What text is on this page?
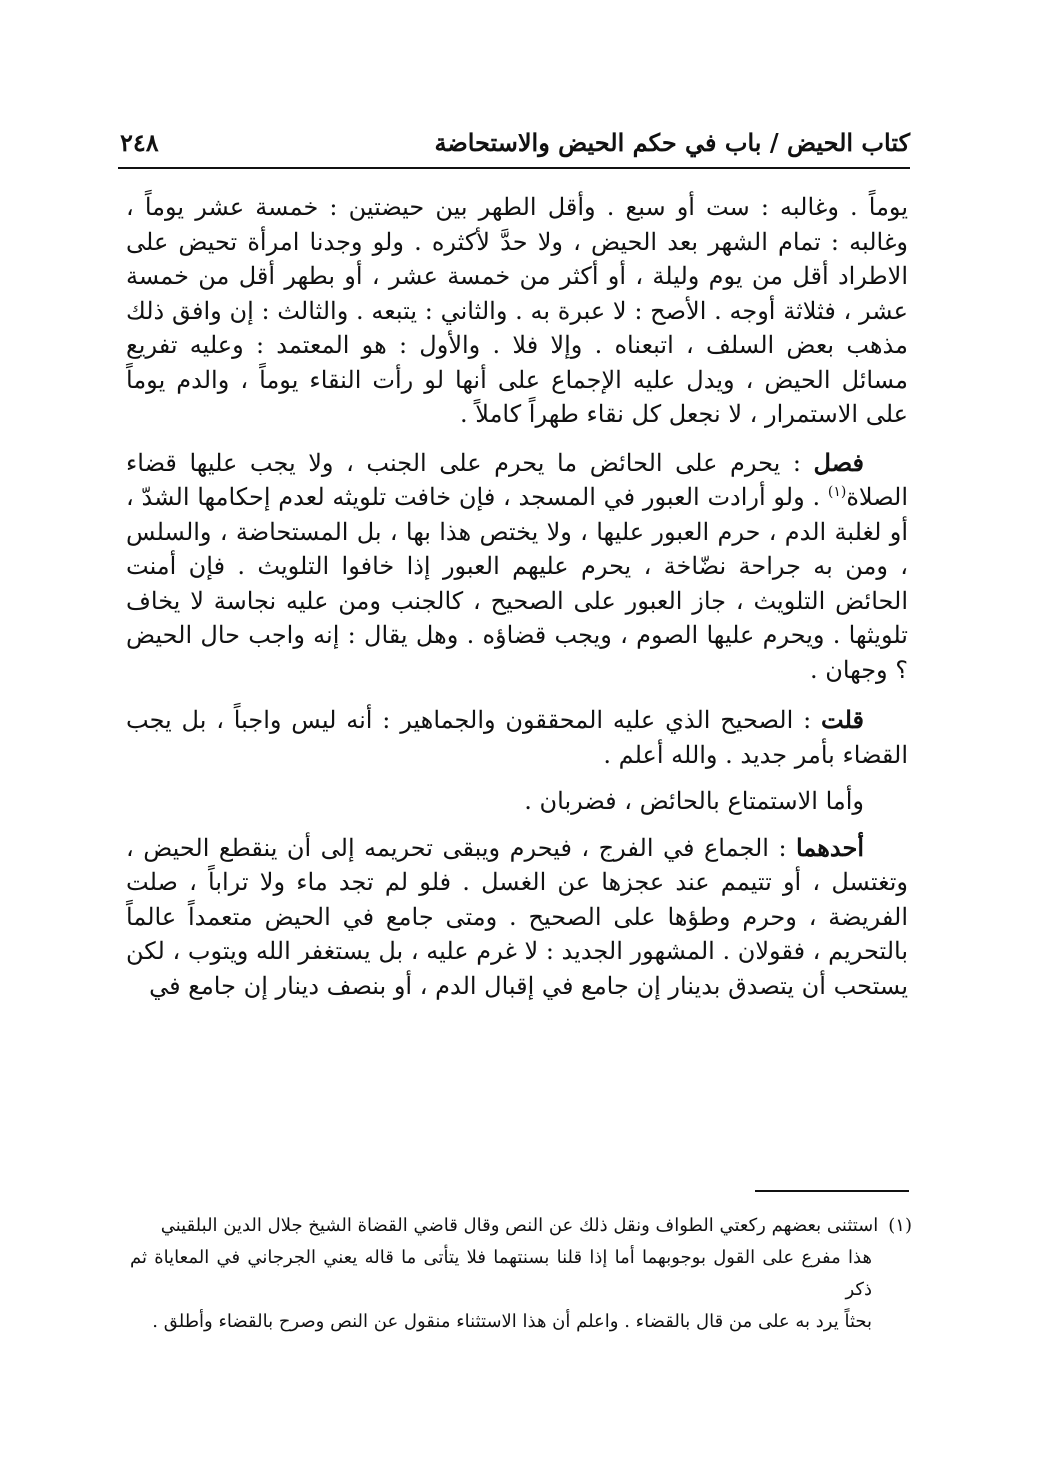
كتاب الحيض / باب في حكم الحيض والاستحاضة
٢٤٨

يوماً . وغالبه : ست أو سبع . وأقل الطهر بين حيضتين : خمسة عشر يوماً ، وغالبه : تمام الشهر بعد الحيض ، ولا حدَّ لأكثره . ولو وجدنا امرأة تحيض على الاطراد أقل من يوم وليلة ، أو أكثر من خمسة عشر ، أو بطهر أقل من خمسة عشر ، فثلاثة أوجه . الأصح : لا عبرة به . والثاني : يتبعه . والثالث : إن وافق ذلك مذهب بعض السلف ، اتبعناه . وإلا فلا . والأول : هو المعتمد : وعليه تفريع مسائل الحيض ، ويدل عليه الإجماع على أنها لو رأت النقاء يوماً ، والدم يوماً على الاستمرار ، لا نجعل كل نقاء طهراً كاملاً .

فصل : يحرم على الحائض ما يحرم على الجنب ، ولا يجب عليها قضاء الصلاة$^{(١)}$ . ولو أرادت العبور في المسجد ، فإن خافت تلويثه لعدم إحكامها الشدّ ، أو لغلبة الدم ، حرم العبور عليها ، ولا يختص هذا بها ، بل المستحاضة ، والسلس ، ومن به جراحة نضّاخة ، يحرم عليهم العبور إذا خافوا التلويث . فإن أمنت الحائض التلويث ، جاز العبور على الصحيح ، كالجنب ومن عليه نجاسة لا يخاف تلويثها . ويحرم عليها الصوم ، ويجب قضاؤه . وهل يقال : إنه واجب حال الحيض ؟ وجهان .

قلت : الصحيح الذي عليه المحققون والجماهير : أنه ليس واجباً ، بل يجب القضاء بأمر جديد . والله أعلم .

وأما الاستمتاع بالحائض ، فضربان .

أحدهما : الجماع في الفرج ، فيحرم ويبقى تحريمه إلى أن ينقطع الحيض ، وتغتسل ، أو تتيمم عند عجزها عن الغسل . فلو لم تجد ماء ولا تراباً ، صلت الفريضة ، وحرم وطؤها على الصحيح . ومتى جامع في الحيض متعمداً عالماً بالتحريم ، فقولان . المشهور الجديد : لا غرم عليه ، بل يستغفر الله ويتوب ، لكن يستحب أن يتصدق بدينار إن جامع في إقبال الدم ، أو بنصف دينار إن جامع في

(١)استثنى بعضهم ركعتي الطواف ونقل ذلك عن النص وقال قاضي القضاة الشيخ جلال الدين البلقيني
هذا مفرع على القول بوجوبهما أما إذا قلنا بسنتهما فلا يتأتى ما قاله يعني الجرجاني في المعاياة ثم ذكر
بحثاً يرد به على من قال بالقضاء . واعلم أن هذا الاستثناء منقول عن النص وصرح بالقضاء وأطلق .
